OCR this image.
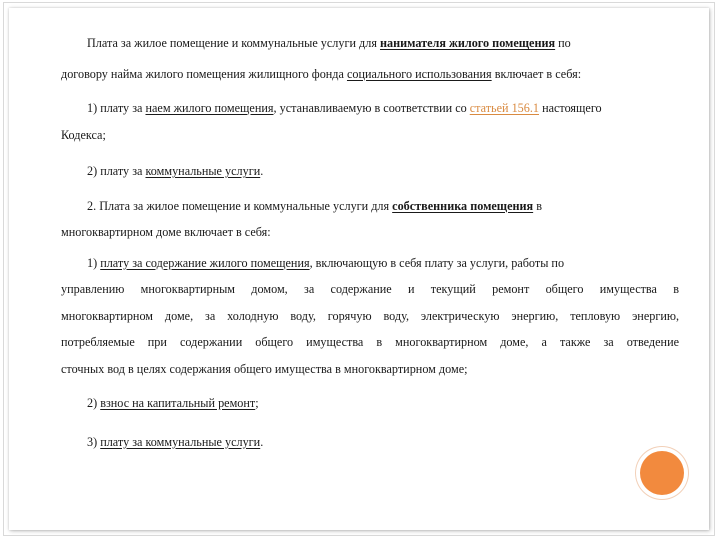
Плата за жилое помещение и коммунальные услуги для нанимателя жилого помещения по
договору найма жилого помещения жилищного фонда социального использования включает в себя:
1) плату за наем жилого помещения, устанавливаемую в соответствии со статьей 156.1 настоящего
Кодекса;
2) плату за коммунальные услуги.
2. Плата за жилое помещение и коммунальные услуги для собственника помещения в
многоквартирном доме включает в себя:
1) плату за содержание жилого помещения, включающую в себя плату за услуги, работы по
управлению многоквартирным домом, за содержание и текущий ремонт общего имущества в
многоквартирном доме, за холодную воду, горячую воду, электрическую энергию, тепловую энергию,
потребляемые при содержании общего имущества в многоквартирном доме, а также за отведение
сточных вод в целях содержания общего имущества в многоквартирном доме;
2) взнос на капитальный ремонт;
3) плату за коммунальные услуги.
